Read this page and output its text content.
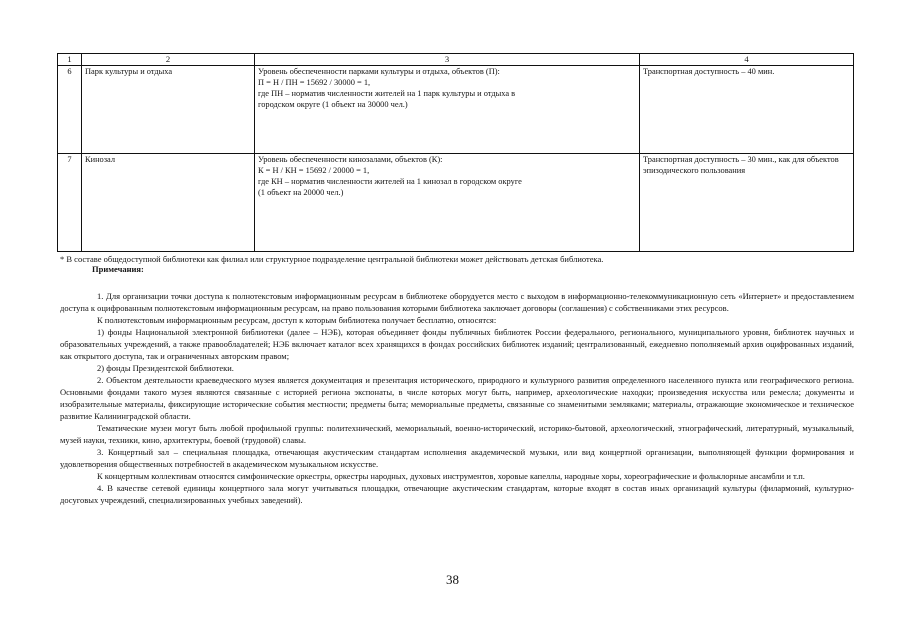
1	2	3	4
6	Парк культуры и отдыха	Уровень обеспеченности парками культуры и отдыха, объектов (П):
П = Н / ПН = 15692 / 30000 = 1,
где ПН – норматив численности жителей на 1 парк культуры и отдыха в
городском округе (1 объект на 30000 чел.)	Транспортная доступность – 40 мин.
7	Кинозал	Уровень обеспеченности кинозалами, объектов (К):
К = Н / КН = 15692 / 20000 = 1,
где КН – норматив численности жителей на 1 кинозал в городском округе
(1 объект на 20000 чел.)	Транспортная доступность – 30 мин., как для объектов эпизодического пользования
* В составе общедоступной библиотеки как филиал или структурное подразделение центральной библиотеки может действовать детская библиотека.
Примечания:

1. Для организации точки доступа к полнотекстовым информационным ресурсам в библиотеке оборудуется место с выходом в информационно-телекоммуникационную сеть «Интернет» и предоставлением доступа к оцифрованным полнотекстовым информационным ресурсам, на право пользования которыми библиотека заключает договоры (соглашения) с собственниками этих ресурсов.

К полнотекстовым информационным ресурсам, доступ к которым библиотека получает бесплатно, относятся:

1) фонды Национальной электронной библиотеки (далее – НЭБ), которая объединяет фонды публичных библиотек России федерального, регионального, муниципального уровня, библиотек научных и образовательных учреждений, а также правообладателей; НЭБ включает каталог всех хранящихся в фондах российских библиотек изданий; централизованный, ежедневно пополняемый архив оцифрованных изданий, как открытого доступа, так и ограниченных авторским правом;

2) фонды Президентской библиотеки.

2. Объектом деятельности краеведческого музея является документация и презентация исторического, природного и культурного развития определенного населенного пункта или географического региона. Основными фондами такого музея являются связанные с историей региона экспонаты, в числе которых могут быть, например, археологические находки; произведения искусства или ремесла; документы и изобразительные материалы, фиксирующие исторические события местности; предметы быта; мемориальные предметы, связанные со знаменитыми земляками; материалы, отражающие экономическое и техническое развитие Калининградской области.

Тематические музеи могут быть любой профильной группы: политехнический, мемориальный, военно-исторический, историко-бытовой, археологический, этнографический, литературный, музыкальный, музей науки, техники, кино, архитектуры, боевой (трудовой) славы.

3. Концертный зал – специальная площадка, отвечающая акустическим стандартам исполнения академической музыки, или вид концертной организации, выполняющей функции формирования и удовлетворения общественных потребностей в академическом музыкальном искусстве.

К концертным коллективам относятся симфонические оркестры, оркестры народных, духовых инструментов, хоровые капеллы, народные хоры, хореографические и фольклорные ансамбли и т.п.

4. В качестве сетевой единицы концертного зала могут учитываться площадки, отвечающие акустическим стандартам, которые входят в состав иных организаций культуры (филармоний, культурно-досуговых учреждений, специализированных учебных заведений).

38
